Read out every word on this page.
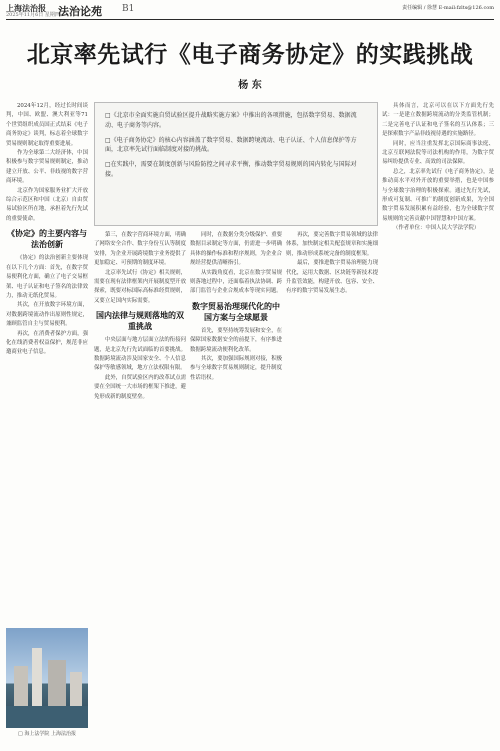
上海法治报
2025年11月6日 星期四
法治论苑 B1	责任编辑 / 徐慧 E-mail:fzlts@126.com
北京率先试行《电子商务协定》的实践挑战
杨 东
□《北京市全面实施自贸试验区提升战略实施方案》中推出的各项措施，包括数字贸易、数据流动、电子商务等内容。
□《电子商务协定》的核心内容涵盖了数字贸易、数据跨境流动、电子认证、个人信息保护等方面，北京率先试行面临制度对接的挑战。
□在实践中，需要在制度创新与风险防控之间寻求平衡，推动数字贸易规则的国内转化与国际对接。

2024年12月，经过长时间谈判，中国、欧盟、澳大利亚等71个世贸组织成员国正式结束《电子商务协定》谈判，标志着全球数字贸易规则制定取得重要进展。

作为全球第二大经济体，中国积极参与数字贸易规则制定，推动建立开放、公平、非歧视的数字营商环境。

北京作为国家服务业扩大开放综合示范区和中国（北京）自由贸易试验区所在地，承担着先行先试的重要使命。

《协定》的主要内容与法治创新

《协定》的法治创新主要体现在以下几个方面：首先，在数字贸易便利化方面，确立了电子交易框架、电子认证和电子签名的法律效力，推动无纸化贸易。

其次，在开放数字环境方面，对数据跨境流动作出原则性规定，兼顾监管自主与贸易便利。

再次，在消费者保护方面，强化在线消费者权益保护，规范非应邀商业电子信息。

□ 海上法学院 上海法治报

第三，在数字营商环境方面，明确了网络安全合作、数字身份互认等制度安排，为企业开展跨境数字业务提供了更加稳定、可预期的制度环境。

北京率先试行《协定》相关规则，需要在现有法律框架内开展制度型开放探索，既要对标国际高标准经贸规则，又要立足国内实际需要。

国内法律与规则落地的双重挑战

中央层面与地方层面立法的衔接问题，是北京先行先试面临的首要挑战。数据跨境流动涉及国家安全、个人信息保护等敏感领域，地方立法权限有限。

此外，自贸试验区内的改革试点需要在全国统一大市场的框架下推进，避免形成新的制度壁垒。

同时，在数据分类分级保护、重要数据目录制定等方面，仍需进一步明确具体的操作标准和程序规则，为企业合规经营提供清晰指引。

从实践角度看，北京在数字贸易规则落地过程中，还面临着执法协调、跨部门监管与企业合规成本等现实问题。

数字贸易治理现代化的中国方案与全球愿景

首先，要坚持统筹发展和安全，在保障国家数据安全的前提下，有序推进数据跨境流动便利化改革。

其次，要加强国际规则对接，积极参与全球数字贸易规则制定，提升制度性话语权。

再次，要完善数字贸易领域的法律体系，加快制定相关配套规章和实施细则，推动形成系统完备的制度框架。

最后，要推进数字贸易治理能力现代化，运用大数据、区块链等新技术提升监管效能，构建开放、包容、安全、有序的数字贸易发展生态。

具体而言，北京可以在以下方面先行先试：一是建立数据跨境流动的分类监管机制；二是完善电子认证和电子签名的互认体系；三是探索数字产品非歧视待遇的实施路径。

同时，应当注重发挥北京国际商事法庭、北京互联网法院等司法机构的作用，为数字贸易纠纷提供专业、高效的司法保障。

总之，北京率先试行《电子商务协定》，是推动高水平对外开放的重要举措，也是中国参与全球数字治理的积极探索。通过先行先试，形成可复制、可推广的制度创新成果，为全国数字贸易发展积累有益经验，也为全球数字贸易规则的完善贡献中国智慧和中国方案。

（作者单位：中国人民大学法学院）
